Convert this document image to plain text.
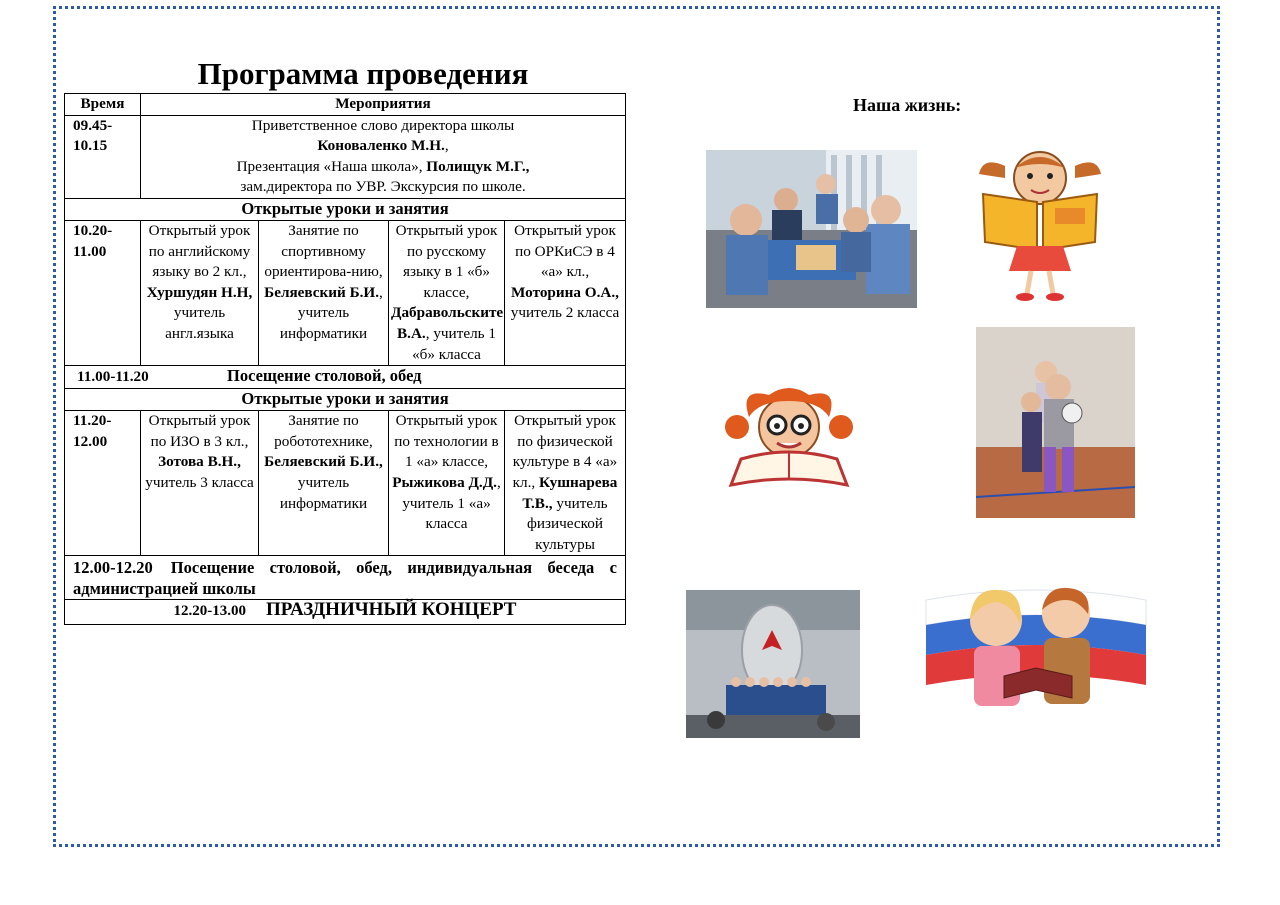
Программа проведения
Время	Мероприятия			
09.45-
10.15	Приветственное слово директора школы
Коноваленко М.Н.,
Презентация «Наша школа», Полищук М.Г.,
зам.директора по УВР. Экскурсия по школе.			
Открытые уроки и занятия				
10.20-
11.00	Открытый урок по английскому языку во 2 кл., Хуршудян Н.Н, учитель англ.языка	Занятие по спортивному ориентирова-нию, Беляевский Б.И., учитель информатики	Открытый урок по русскому языку в 1 «б» классе, Дабравольските В.А., учитель 1 «б» класса	Открытый урок по ОРКиСЭ в 4 «а» кл., Моторина О.А., учитель 2 класса
11.00-11.20 Посещение столовой, обед				
Открытые уроки и занятия				
11.20-
12.00	Открытый урок по ИЗО в 3 кл., Зотова В.Н., учитель 3 класса	Занятие по робототехнике, Беляевский Б.И., учитель информатики	Открытый урок по технологии в 1 «а» классе, Рыжикова Д.Д., учитель 1 «а» класса	Открытый урок по физической культуре в 4 «а» кл., Кушнарева Т.В., учитель физической культуры
12.00-12.20 Посещение столовой, обед, индивидуальная беседа с администрацией школы				
12.20-13.00 ПРАЗДНИЧНЫЙ КОНЦЕРТ				
Наша жизнь:
